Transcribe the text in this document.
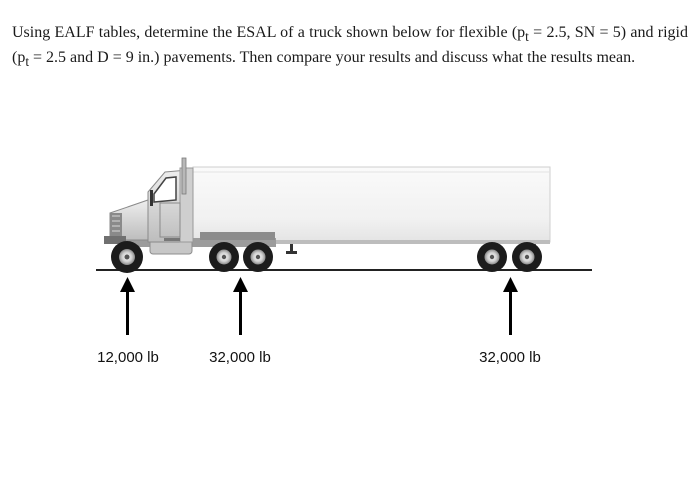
Using EALF tables, determine the ESAL of a truck shown below for flexible ($p_t = 2.5$, SN = 5) and rigid ($p_t = 2.5$ and D = 9 in.) pavements. Then compare your results and discuss what the results mean.

12,000 lb	32,000 lb	32,000 lb
